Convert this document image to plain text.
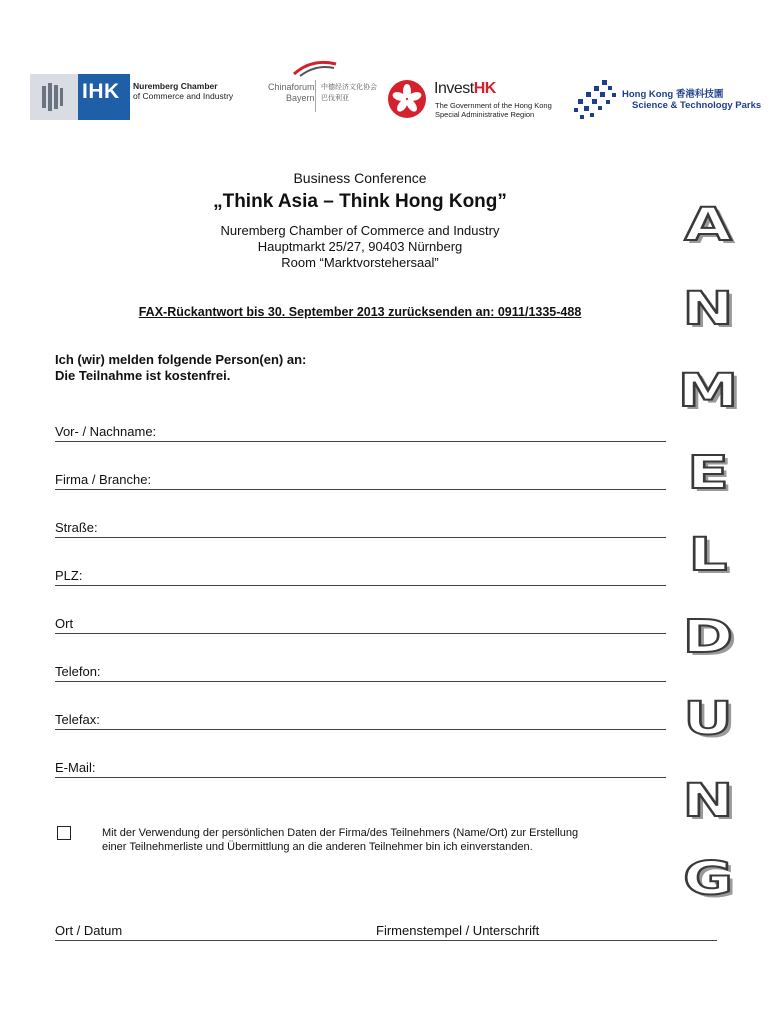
IHK Nuremberg Chamber
of Commerce and Industry
Chinaforum
Bayern
中德经济文化协会
巴伐利亚
InvestHK
The Government of the Hong Kong
Special Administrative Region
Hong Kong 香港科技園
Science & Technology Parks
Business Conference
„Think Asia – Think Hong Kong”
Nuremberg Chamber of Commerce and Industry
Hauptmarkt 25/27, 90403 Nürnberg
Room “Marktvorstehersaal”
FAX-Rückantwort bis 30. September 2013 zurücksenden an: 0911/1335-488
Ich (wir) melden folgende Person(en) an:
Die Teilnahme ist kostenfrei.
Vor- / Nachname:
Firma / Branche:
Straße:
PLZ:
Ort
Telefon:
Telefax:
E-Mail:
Mit der Verwendung der persönlichen Daten der Firma/des Teilnehmers (Name/Ort) zur Erstellung
einer Teilnehmerliste und Übermittlung an die anderen Teilnehmer bin ich einverstanden.
Ort / Datum	Firmenstempel / Unterschrift
A
N
M
E
L
D
U
N
G
